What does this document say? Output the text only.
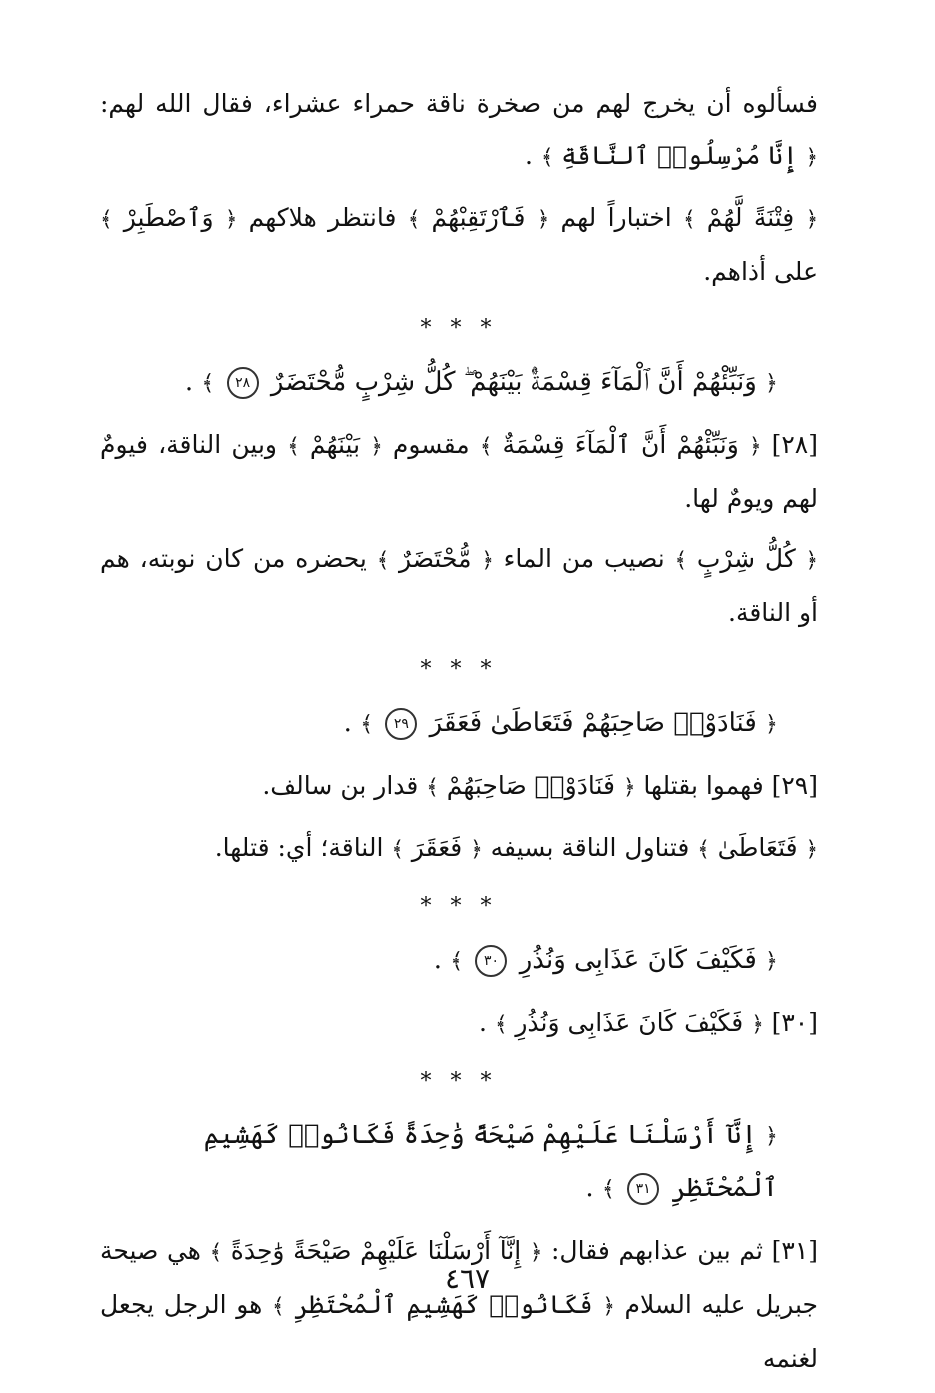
فسألوه أن يخرج لهم من صخرة ناقة حمراء عشراء، فقال الله لهم: ﴿ إِنَّا مُرْسِلُوا۟ ٱلنَّاقَةِ ﴾ .

﴿ فِتْنَةً لَّهُمْ ﴾ اختباراً لهم ﴿ فَٱرْتَقِبْهُمْ ﴾ فانتظر هلاكهم ﴿ وَٱصْطَبِرْ ﴾ على أذاهم.

* * *

﴿ وَنَبِّئْهُمْ أَنَّ ٱلْمَآءَ قِسْمَةٌۢ بَيْنَهُمْ ۖ كُلُّ شِرْبٍ مُّحْتَضَرٌ ٢٨ ﴾ .

[٢٨] ﴿ وَنَبِّئْهُمْ أَنَّ ٱلْمَآءَ قِسْمَةٌ ﴾ مقسوم ﴿ بَيْنَهُمْ ﴾ وبين الناقة، فيومٌ لهم ويومٌ لها.

﴿ كُلُّ شِرْبٍ ﴾ نصيب من الماء ﴿ مُّحْتَضَرٌ ﴾ يحضره من كان نوبته، هم أو الناقة.

* * *

﴿ فَنَادَوْا۟ صَاحِبَهُمْ فَتَعَاطَىٰ فَعَقَرَ ٢٩ ﴾ .

[٢٩] فهموا بقتلها ﴿ فَنَادَوْا۟ صَاحِبَهُمْ ﴾ قدار بن سالف.

﴿ فَتَعَاطَىٰ ﴾ فتناول الناقة بسيفه ﴿ فَعَقَرَ ﴾ الناقة؛ أي: قتلها.

* * *

﴿ فَكَيْفَ كَانَ عَذَابِى وَنُذُرِ ٣٠ ﴾ .

[٣٠] ﴿ فَكَيْفَ كَانَ عَذَابِى وَنُذُرِ ﴾ .

* * *

﴿ إِنَّآ أَرْسَلْنَا عَلَيْهِمْ صَيْحَةً وَٰحِدَةً فَكَانُوا۟ كَهَشِيمِ ٱلْمُحْتَظِرِ ٣١ ﴾ .

[٣١] ثم بين عذابهم فقال: ﴿ إِنَّآ أَرْسَلْنَا عَلَيْهِمْ صَيْحَةً وَٰحِدَةً ﴾ هي صيحة جبريل عليه السلام ﴿ فَكَانُوا۟ كَهَشِيمِ ٱلْمُحْتَظِرِ ﴾ هو الرجل يجعل لغنمه

٤٦٧
